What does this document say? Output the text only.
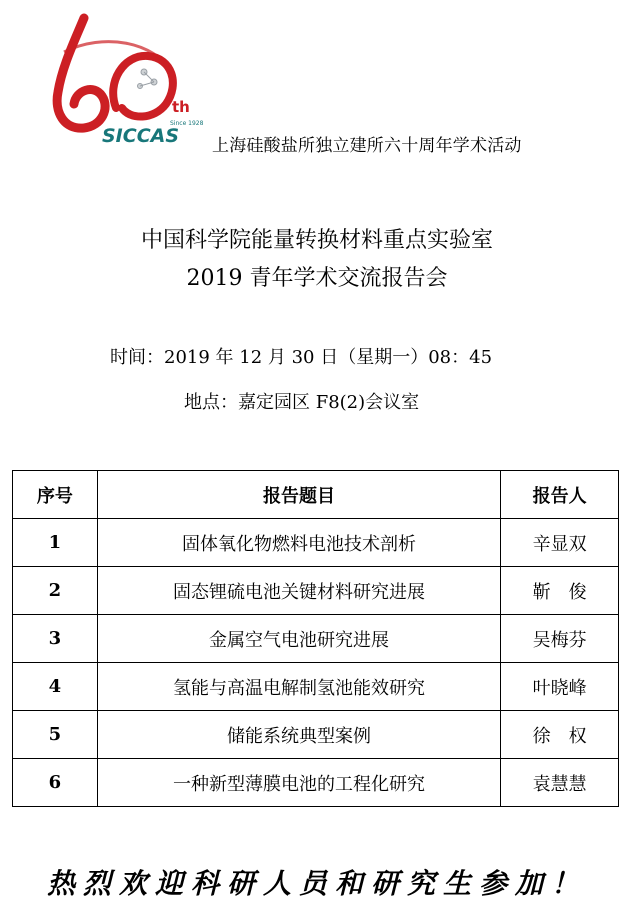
th
Since 1928
SICCAS 上海硅酸盐所独立建所六十周年学术活动
中国科学院能量转换材料重点实验室
2019 青年学术交流报告会
时间：2019 年 12 月 30 日（星期一）08：45
地点：嘉定园区 F8(2)会议室
序号	报告题目	报告人
1	固体氧化物燃料电池技术剖析	辛显双
2	固态锂硫电池关键材料研究进展	靳　俊
3	金属空气电池研究进展	吴梅芬
4	氢能与高温电解制氢池能效研究	叶晓峰
5	储能系统典型案例	徐　权
6	一种新型薄膜电池的工程化研究	袁慧慧
热烈欢迎科研人员和研究生参加！
